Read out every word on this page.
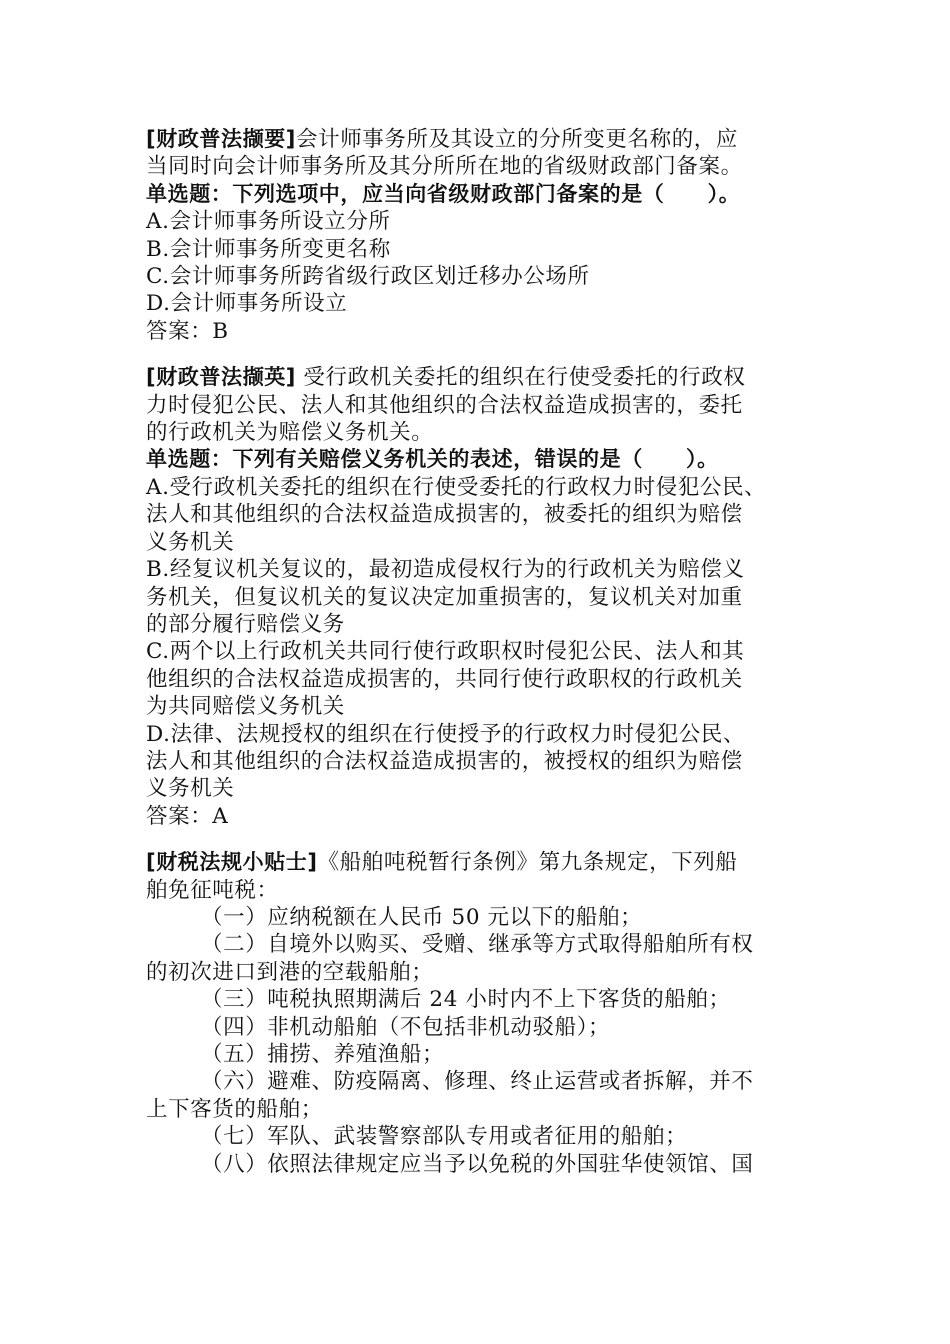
[财政普法撷要]会计师事务所及其设立的分所变更名称的，应
当同时向会计师事务所及其分所所在地的省级财政部门备案。
单选题：下列选项中，应当向省级财政部门备案的是（　　）。
A.会计师事务所设立分所
B.会计师事务所变更名称
C.会计师事务所跨省级行政区划迁移办公场所
D.会计师事务所设立
答案：B
[财政普法撷英] 受行政机关委托的组织在行使受委托的行政权
力时侵犯公民、法人和其他组织的合法权益造成损害的，委托
的行政机关为赔偿义务机关。
单选题：下列有关赔偿义务机关的表述，错误的是（　　）。
A.受行政机关委托的组织在行使受委托的行政权力时侵犯公民、
法人和其他组织的合法权益造成损害的，被委托的组织为赔偿
义务机关
B.经复议机关复议的，最初造成侵权行为的行政机关为赔偿义
务机关，但复议机关的复议决定加重损害的，复议机关对加重
的部分履行赔偿义务
C.两个以上行政机关共同行使行政职权时侵犯公民、法人和其
他组织的合法权益造成损害的，共同行使行政职权的行政机关
为共同赔偿义务机关
D.法律、法规授权的组织在行使授予的行政权力时侵犯公民、
法人和其他组织的合法权益造成损害的，被授权的组织为赔偿
义务机关
答案：A
[财税法规小贴士]《船舶吨税暂行条例》第九条规定，下列船
舶免征吨税：
（一）应纳税额在人民币 50 元以下的船舶；
（二）自境外以购买、受赠、继承等方式取得船舶所有权
的初次进口到港的空载船舶；
（三）吨税执照期满后 24 小时内不上下客货的船舶；
（四）非机动船舶（不包括非机动驳船）；
（五）捕捞、养殖渔船；
（六）避难、防疫隔离、修理、终止运营或者拆解，并不
上下客货的船舶；
（七）军队、武装警察部队专用或者征用的船舶；
（八）依照法律规定应当予以免税的外国驻华使领馆、国
